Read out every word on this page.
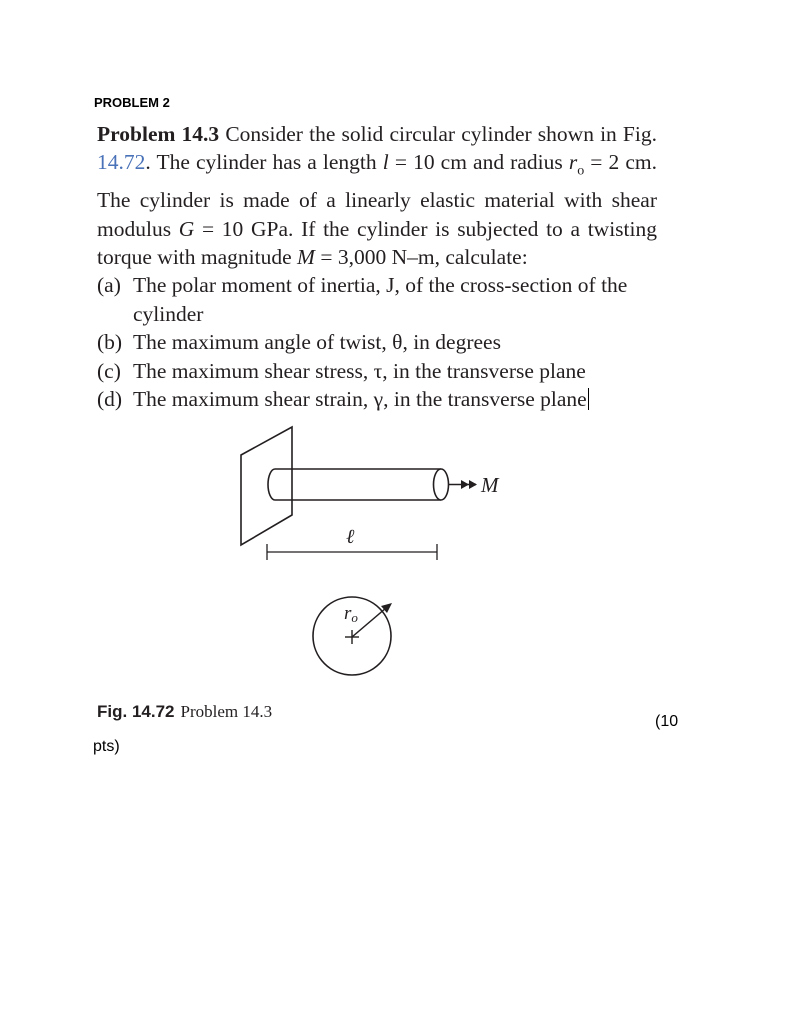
PROBLEM 2

Problem 14.3 Consider the solid circular cylinder shown in Fig. 14.72. The cylinder has a length l = 10 cm and radius $r_o = 2$ cm. The cylinder is made of a linearly elastic material with shear modulus G = 10 GPa. If the cylinder is subjected to a twisting torque with magnitude M = 3,000 N–m, calculate:

(a) The polar moment of inertia, J, of the cross-section of the cylinder
(b) The maximum angle of twist, θ, in degrees
(c) The maximum shear stress, τ, in the transverse plane
(d) The maximum shear strain, γ, in the transverse plane
M
ℓ
ro
Fig. 14.72 Problem 14.3
(10
pts)
